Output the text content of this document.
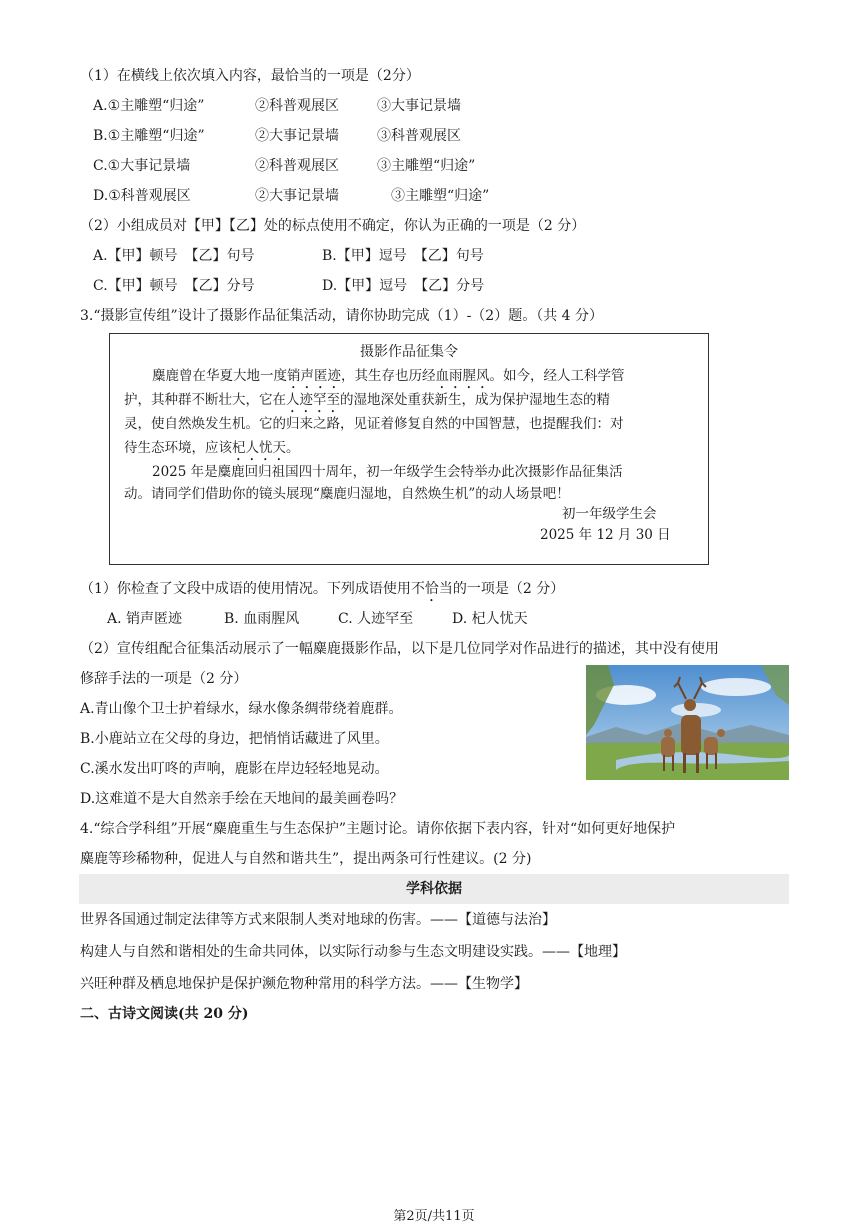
（1）在横线上依次填入内容，最恰当的一项是（2分）
A.①主雕塑“归途”	②科普观展区	③大事记景墙
B.①主雕塑“归途”	②大事记景墙	③科普观展区
C.①大事记景墙	②科普观展区	③主雕塑“归途”
D.①科普观展区	②大事记景墙	③主雕塑“归途”
（2）小组成员对【甲】【乙】处的标点使用不确定，你认为正确的一项是（2 分）
A.【甲】顿号　【乙】句号	B.【甲】逗号　【乙】句号
C.【甲】顿号　【乙】分号	D.【甲】逗号　【乙】分号
3.“摄影宣传组”设计了摄影作品征集活动，请你协助完成（1）-（2）题。（共 4 分）
摄影作品征集令
麋鹿曾在华夏大地一度销声匿迹，其生存也历经血雨腥风。如今，经人工科学管
护，其种群不断壮大，它在人迹罕至的湿地深处重获新生，成为保护湿地生态的精
灵，使自然焕发生机。它的归来之路，见证着修复自然的中国智慧，也提醒我们：对
待生态环境，应该杞人忧天。
2025 年是麋鹿回归祖国四十周年，初一年级学生会特举办此次摄影作品征集活
动。请同学们借助你的镜头展现“麋鹿归湿地，自然焕生机”的动人场景吧！
初一年级学生会
2025 年 12 月 30 日
（1）你检查了文段中成语的使用情况。下列成语使用不恰当的一项是（2 分）
A. 销声匿迹	B. 血雨腥风	C. 人迹罕至	D. 杞人忧天
（2）宣传组配合征集活动展示了一幅麋鹿摄影作品，以下是几位同学对作品进行的描述，其中没有使用
修辞手法的一项是（2 分）
A.青山像个卫士护着绿水，绿水像条绸带绕着鹿群。
B.小鹿站立在父母的身边，把悄悄话藏进了风里。
C.溪水发出叮咚的声响，鹿影在岸边轻轻地晃动。
D.这难道不是大自然亲手绘在天地间的最美画卷吗？
4.“综合学科组”开展“麋鹿重生与生态保护”主题讨论。请你依据下表内容，针对“如何更好地保护
麋鹿等珍稀物种，促进人与自然和谐共生”，提出两条可行性建议。(2 分)
学科依据
世界各国通过制定法律等方式来限制人类对地球的伤害。——【道德与法治】
构建人与自然和谐相处的生命共同体，以实际行动参与生态文明建设实践。——【地理】
兴旺种群及栖息地保护是保护濒危物种常用的科学方法。——【生物学】
二、古诗文阅读(共 20 分)
第2页/共11页
